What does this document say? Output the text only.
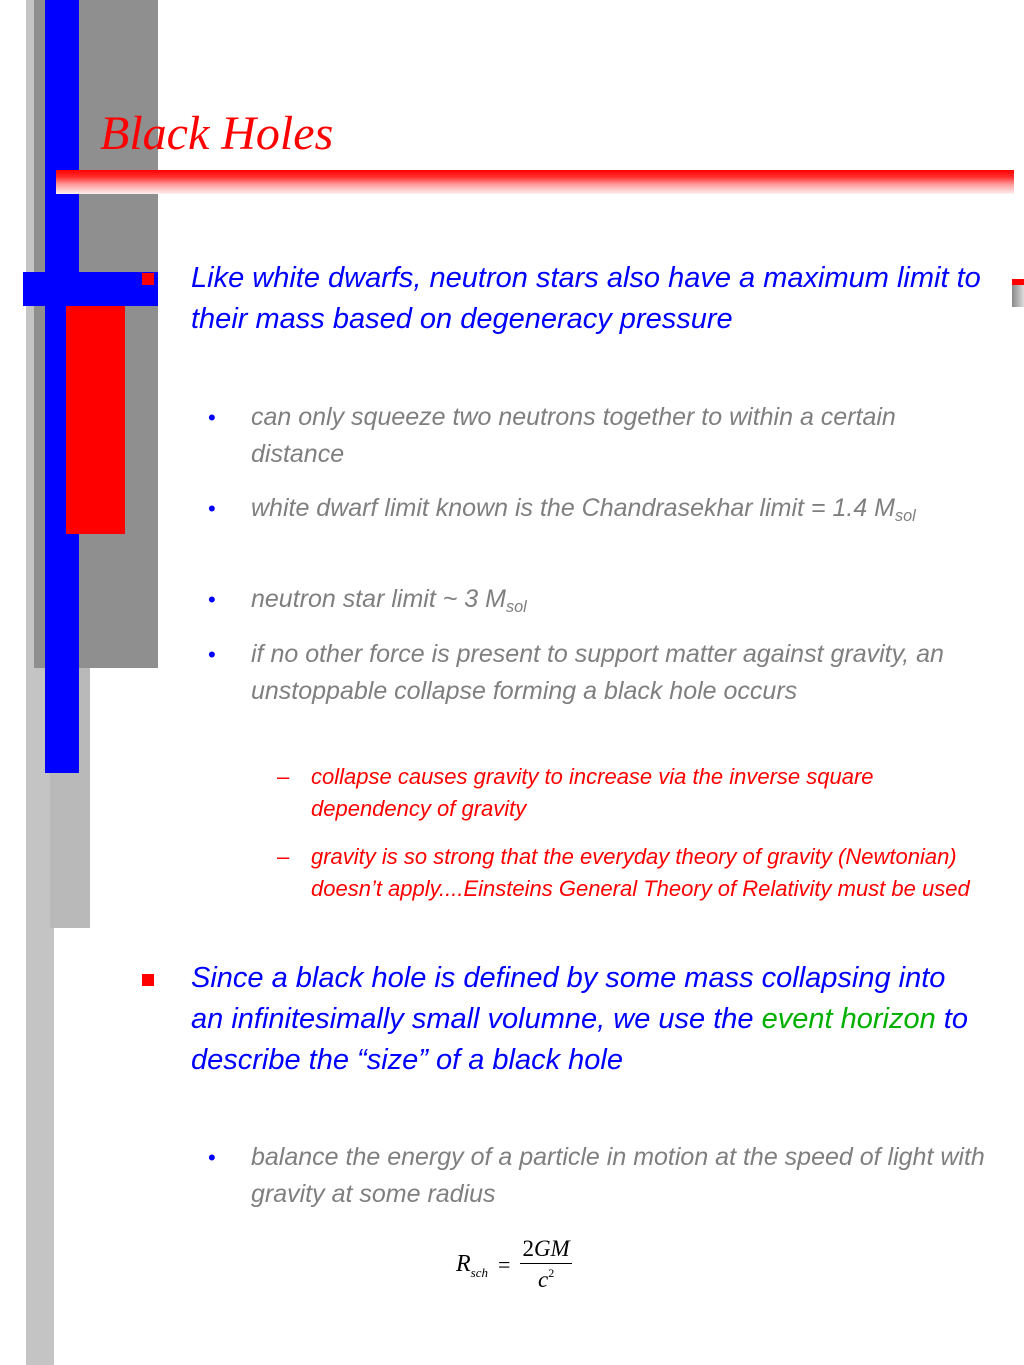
Black Holes
Like white dwarfs, neutron stars also have a maximum limit to their mass based on degeneracy pressure
• can only squeeze two neutrons together to within a certain distance
• white dwarf limit known is the Chandrasekhar limit = 1.4 $M_{sol}$
• neutron star limit ~ 3 $M_{sol}$
• if no other force is present to support matter against gravity, an unstoppable collapse forming a black hole occurs
– collapse causes gravity to increase via the inverse square dependency of gravity
– gravity is so strong that the everyday theory of gravity (Newtonian) doesn’t apply....Einsteins General Theory of Relativity must be used
Since a black hole is defined by some mass collapsing into an infinitesimally small volumne, we use the event horizon to describe the “size” of a black hole
• balance the energy of a particle in motion at the speed of light with gravity at some radius
$R_{sch} = \frac{2GM}{c^2}$
